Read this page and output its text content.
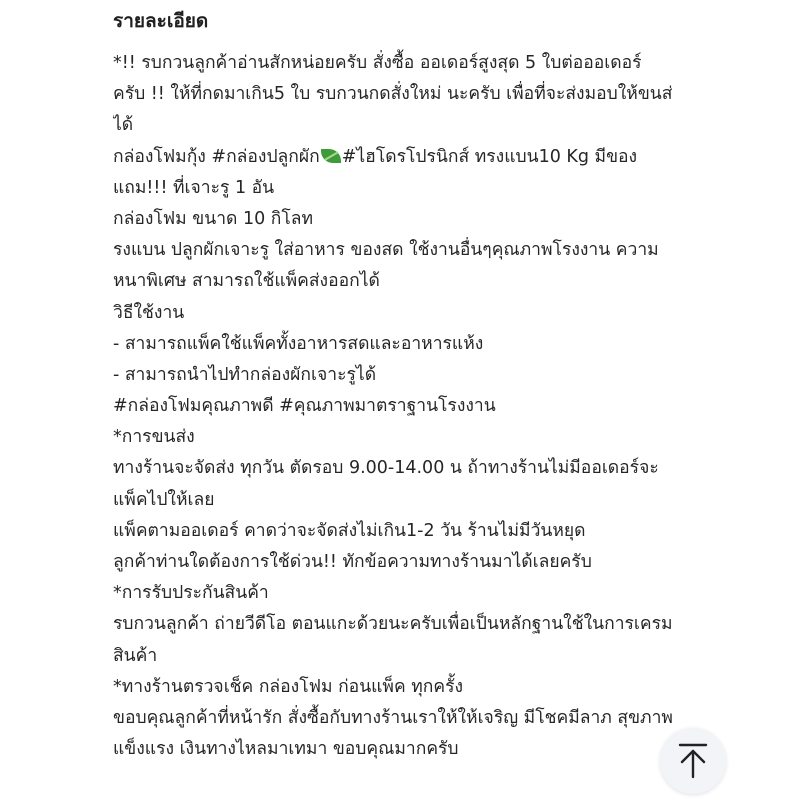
รายละเอียด
*!! รบกวนลูกค้าอ่านสักหน่อยครับ สั่งซื้อ ออเดอร์สูงสุด 5 ใบต่อออเดอร์
ครับ !! ให้ที่กดมาเกิน5 ใบ รบกวนกดสั่งใหม่ นะครับ เพื่อที่จะส่งมอบให้ขนส่
ได้
กล่องโฟมกุ้ง #กล่องปลูกผัก #ไฮโดรโปรนิกส์ ทรงแบน10 Kg มีของ
แถม!!! ที่เจาะรู 1 อัน
กล่องโฟม ขนาด 10 กิโลท
รงแบน ปลูกผักเจาะรู ใส่อาหาร ของสด ใช้งานอื่นๆคุณภาพโรงงาน ความ
หนาพิเศษ สามารถใช้แพ็คส่งออกได้
วิธีใช้งาน
- สามารถแพ็คใช้แพ็คทั้งอาหารสดและอาหารแห้ง
- สามารถนำไปทำกล่องผักเจาะรูได้
#กล่องโฟมคุณภาพดี #คุณภาพมาตราฐานโรงงาน
*การขนส่ง
ทางร้านจะจัดส่ง ทุกวัน ตัดรอบ 9.00-14.00 น ถ้าทางร้านไม่มีออเดอร์จะ
แพ็คไปให้เลย
แพ็คตามออเดอร์ คาดว่าจะจัดส่งไม่เกิน1-2 วัน ร้านไม่มีวันหยุด
ลูกค้าท่านใดต้องการใช้ด่วน!! ทักข้อความทางร้านมาได้เลยครับ
*การรับประกันสินค้า
รบกวนลูกค้า ถ่ายวีดีโอ ตอนแกะด้วยนะครับเพื่อเป็นหลักฐานใช้ในการเครม
สินค้า
*ทางร้านตรวจเช็ค กล่องโฟม ก่อนแพ็ค ทุกครั้ง
ขอบคุณลูกค้าที่หน้ารัก สั่งซื้อกับทางร้านเราให้ให้เจริญ มีโชคมีลาภ สุขภาพ
แข็งแรง เงินทางไหลมาเทมา ขอบคุณมากครับ
